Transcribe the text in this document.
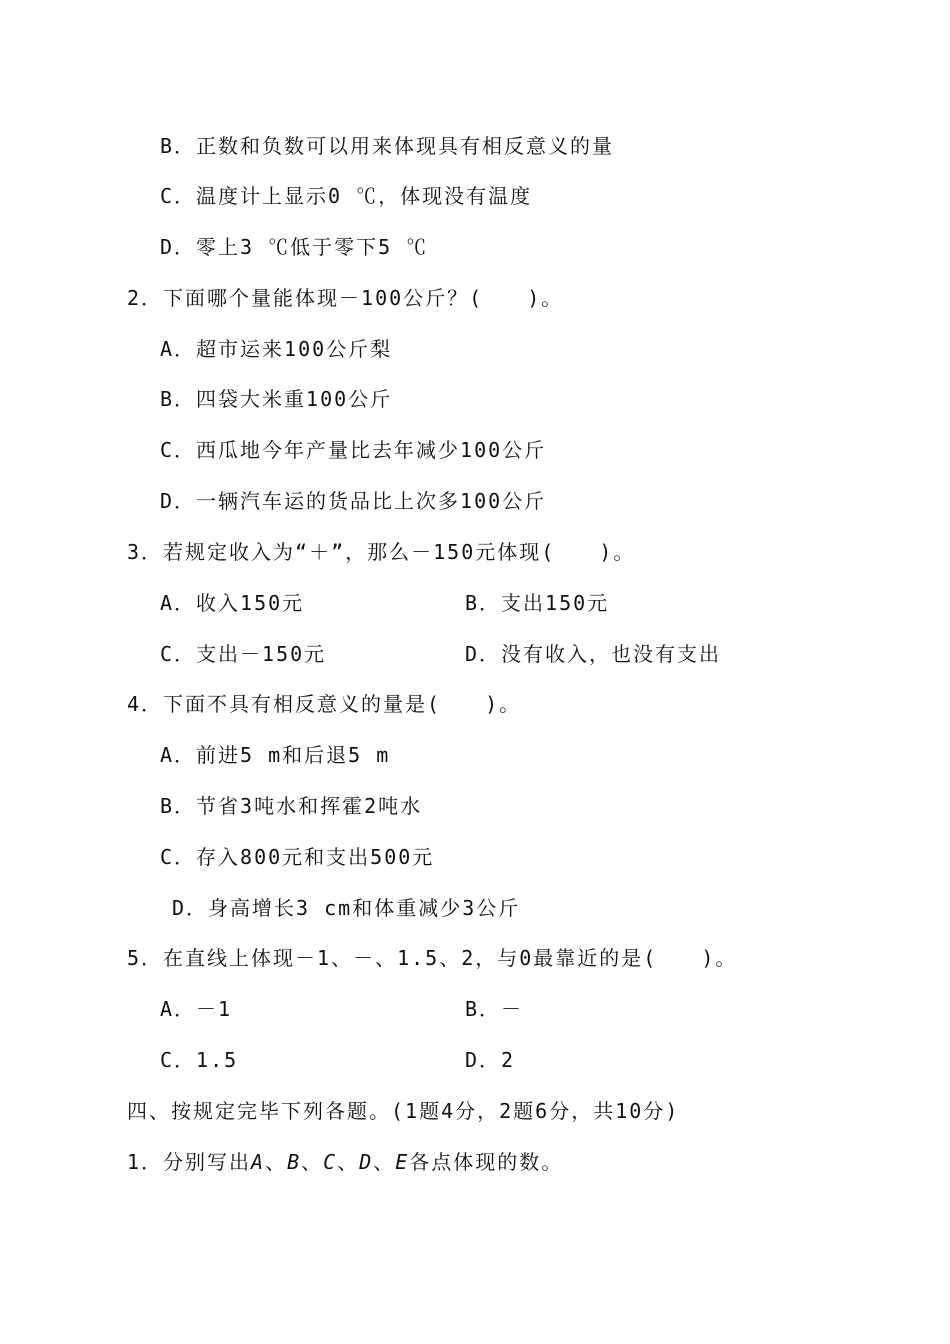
B．正数和负数可以用来体现具有相反意义的量
C．温度计上显示0 ℃，体现没有温度
D．零上3 ℃低于零下5 ℃
2．下面哪个量能体现－100公斤？(　　)。
A．超市运来100公斤梨
B．四袋大米重100公斤
C．西瓜地今年产量比去年减少100公斤
D．一辆汽车运的货品比上次多100公斤
3．若规定收入为“＋”，那么－150元体现(　　)。
A．收入150元	B．支出150元
C．支出－150元	D．没有收入，也没有支出
4．下面不具有相反意义的量是(　　)。
A．前进5 m和后退5 m
B．节省3吨水和挥霍2吨水
C．存入800元和支出500元
D．身高增长3 cm和体重减少3公斤
5．在直线上体现－1、－、1.5、2，与0最靠近的是(　　)。
A．－1	B．－
C．1.5	D．2
四、按规定完毕下列各题。(1题4分，2题6分，共10分)
1．分别写出A、B、C、D、E各点体现的数。
